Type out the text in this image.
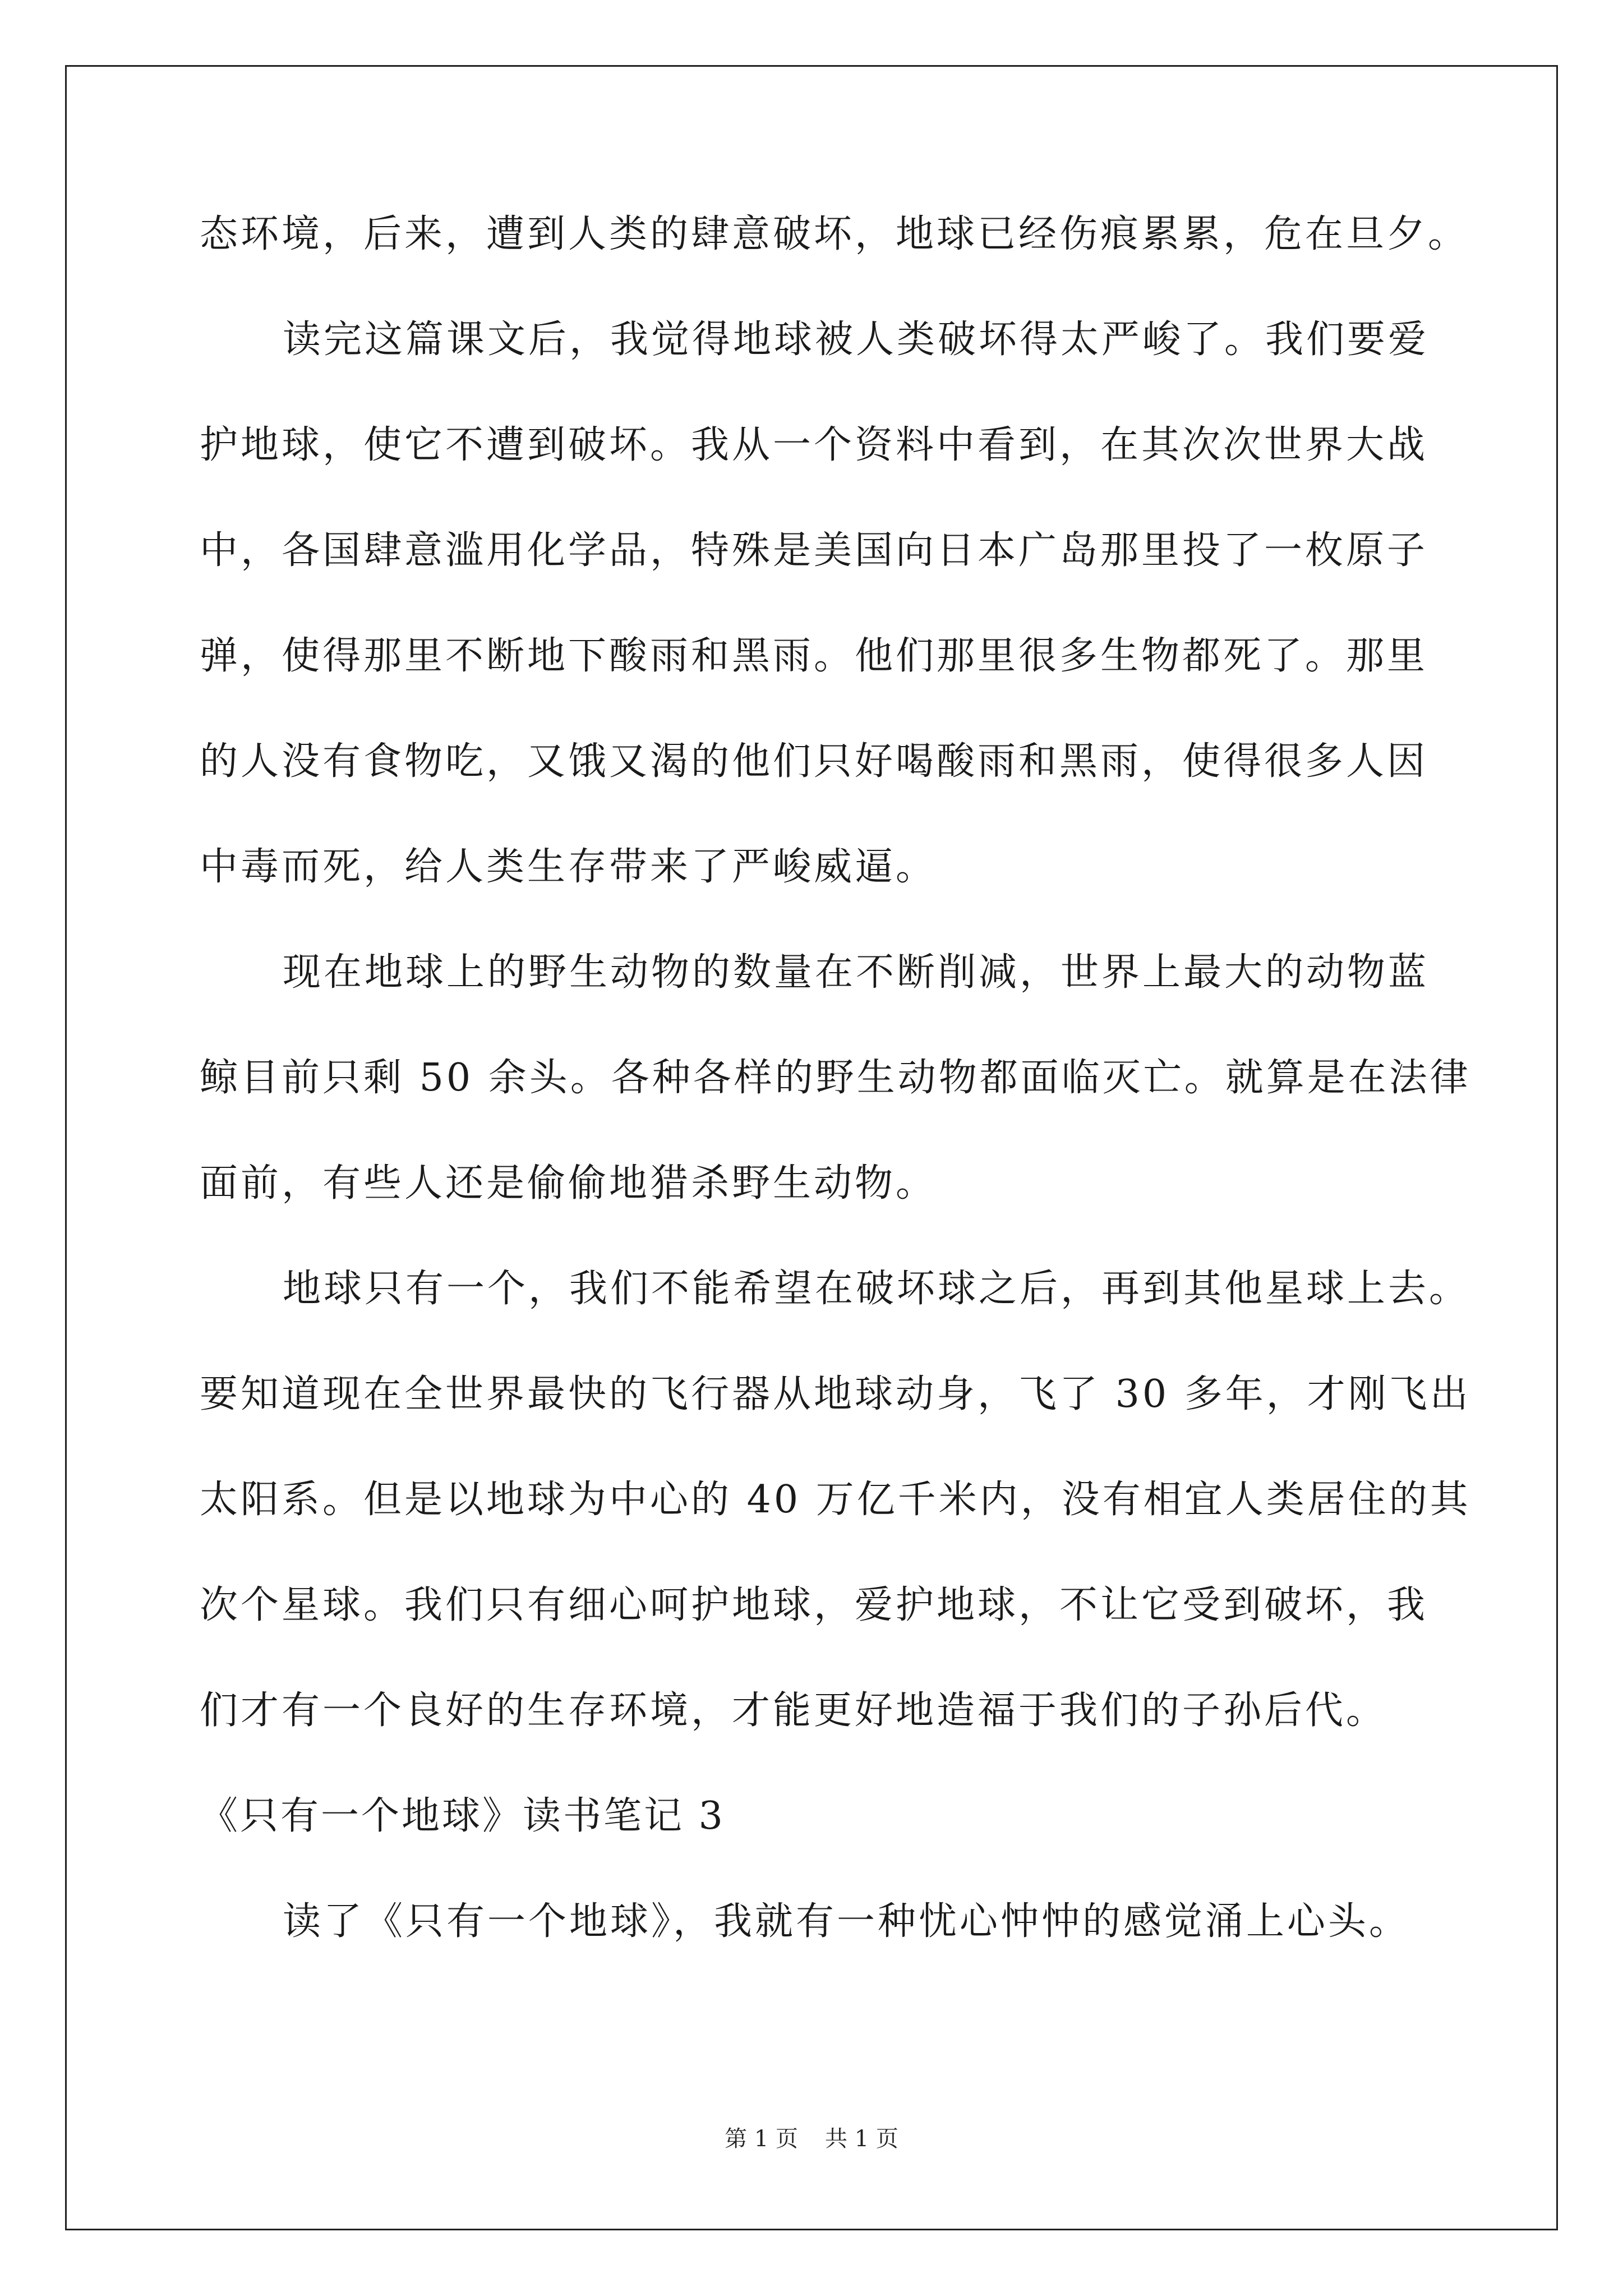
态环境，后来，遭到人类的肆意破坏，地球已经伤痕累累，危在旦夕。
读完这篇课文后，我觉得地球被人类破坏得太严峻了。我们要爱
护地球，使它不遭到破坏。我从一个资料中看到，在其次次世界大战
中，各国肆意滥用化学品，特殊是美国向日本广岛那里投了一枚原子
弹，使得那里不断地下酸雨和黑雨。他们那里很多生物都死了。那里
的人没有食物吃，又饿又渴的他们只好喝酸雨和黑雨，使得很多人因
中毒而死，给人类生存带来了严峻威逼。
现在地球上的野生动物的数量在不断削减，世界上最大的动物蓝
鲸目前只剩 50 余头。各种各样的野生动物都面临灭亡。就算是在法律
面前，有些人还是偷偷地猎杀野生动物。
地球只有一个，我们不能希望在破坏球之后，再到其他星球上去。
要知道现在全世界最快的飞行器从地球动身，飞了 30 多年，才刚飞出
太阳系。但是以地球为中心的 40 万亿千米内，没有相宜人类居住的其
次个星球。我们只有细心呵护地球，爱护地球，不让它受到破坏，我
们才有一个良好的生存环境，才能更好地造福于我们的子孙后代。
《只有一个地球》读书笔记 3
读了《只有一个地球》，我就有一种忧心忡忡的感觉涌上心头。
第 1 页 共 1 页
